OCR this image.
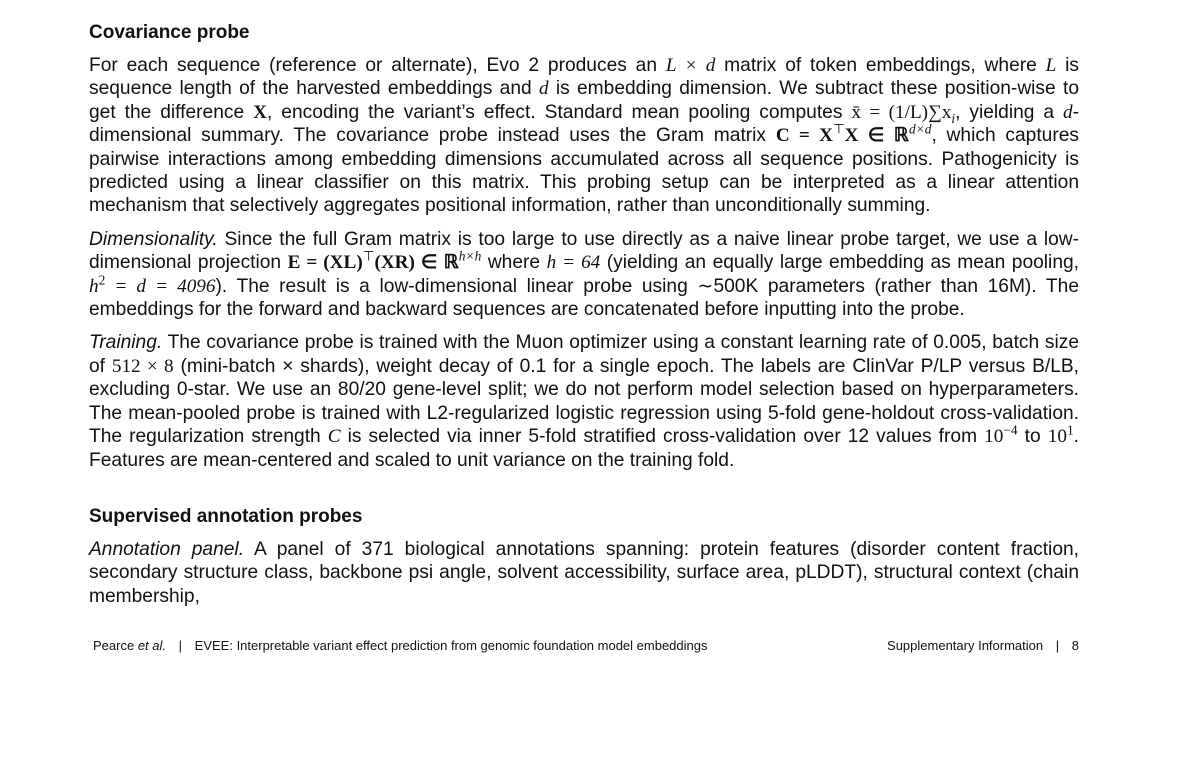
Covariance probe

For each sequence (reference or alternate), Evo 2 produces an L × d matrix of token embeddings, where L is sequence length of the harvested embeddings and d is embedding dimension. We subtract these position-wise to get the difference X, encoding the variant’s effect. Standard mean pooling computes x̄ = $(1/L)\sum x_i$, yielding a d-dimensional summary. The covariance probe instead uses the Gram matrix C = X⊤X ∈ ℝ$^{d\times d}$, which captures pairwise interactions among embedding dimensions accumulated across all sequence positions. Pathogenicity is predicted using a linear classifier on this matrix. This probing setup can be interpreted as a linear attention mechanism that selectively aggregates positional information, rather than unconditionally summing.

Dimensionality. Since the full Gram matrix is too large to use directly as a naive linear probe target, we use a low-dimensional projection E = (XL)⊤(XR) ∈ ℝ$^{h\times h}$ where h = 64 (yielding an equally large embedding as mean pooling, $h^2 = d = 4096$). The result is a low-dimensional linear probe using ∼500K parameters (rather than 16M). The embeddings for the forward and backward sequences are concatenated before inputting into the probe.

Training. The covariance probe is trained with the Muon optimizer using a constant learning rate of 0.005, batch size of 512 × 8 (mini-batch × shards), weight decay of 0.1 for a single epoch. The labels are ClinVar P/LP versus B/LB, excluding 0-star. We use an 80/20 gene-level split; we do not perform model selection based on hyperparameters. The mean-pooled probe is trained with L2-regularized logistic regression using 5-fold gene-holdout cross-validation. The regularization strength C is selected via inner 5-fold stratified cross-validation over 12 values from $10^{-4}$ to $10^1$. Features are mean-centered and scaled to unit variance on the training fold.

Supervised annotation probes

Annotation panel. A panel of 371 biological annotations spanning: protein features (disorder content fraction, secondary structure class, backbone psi angle, solvent accessibility, surface area, pLDDT), structural context (chain membership,

Pearce et al. | EVEE: Interpretable variant effect prediction from genomic foundation model embeddings	Supplementary Information | 8
